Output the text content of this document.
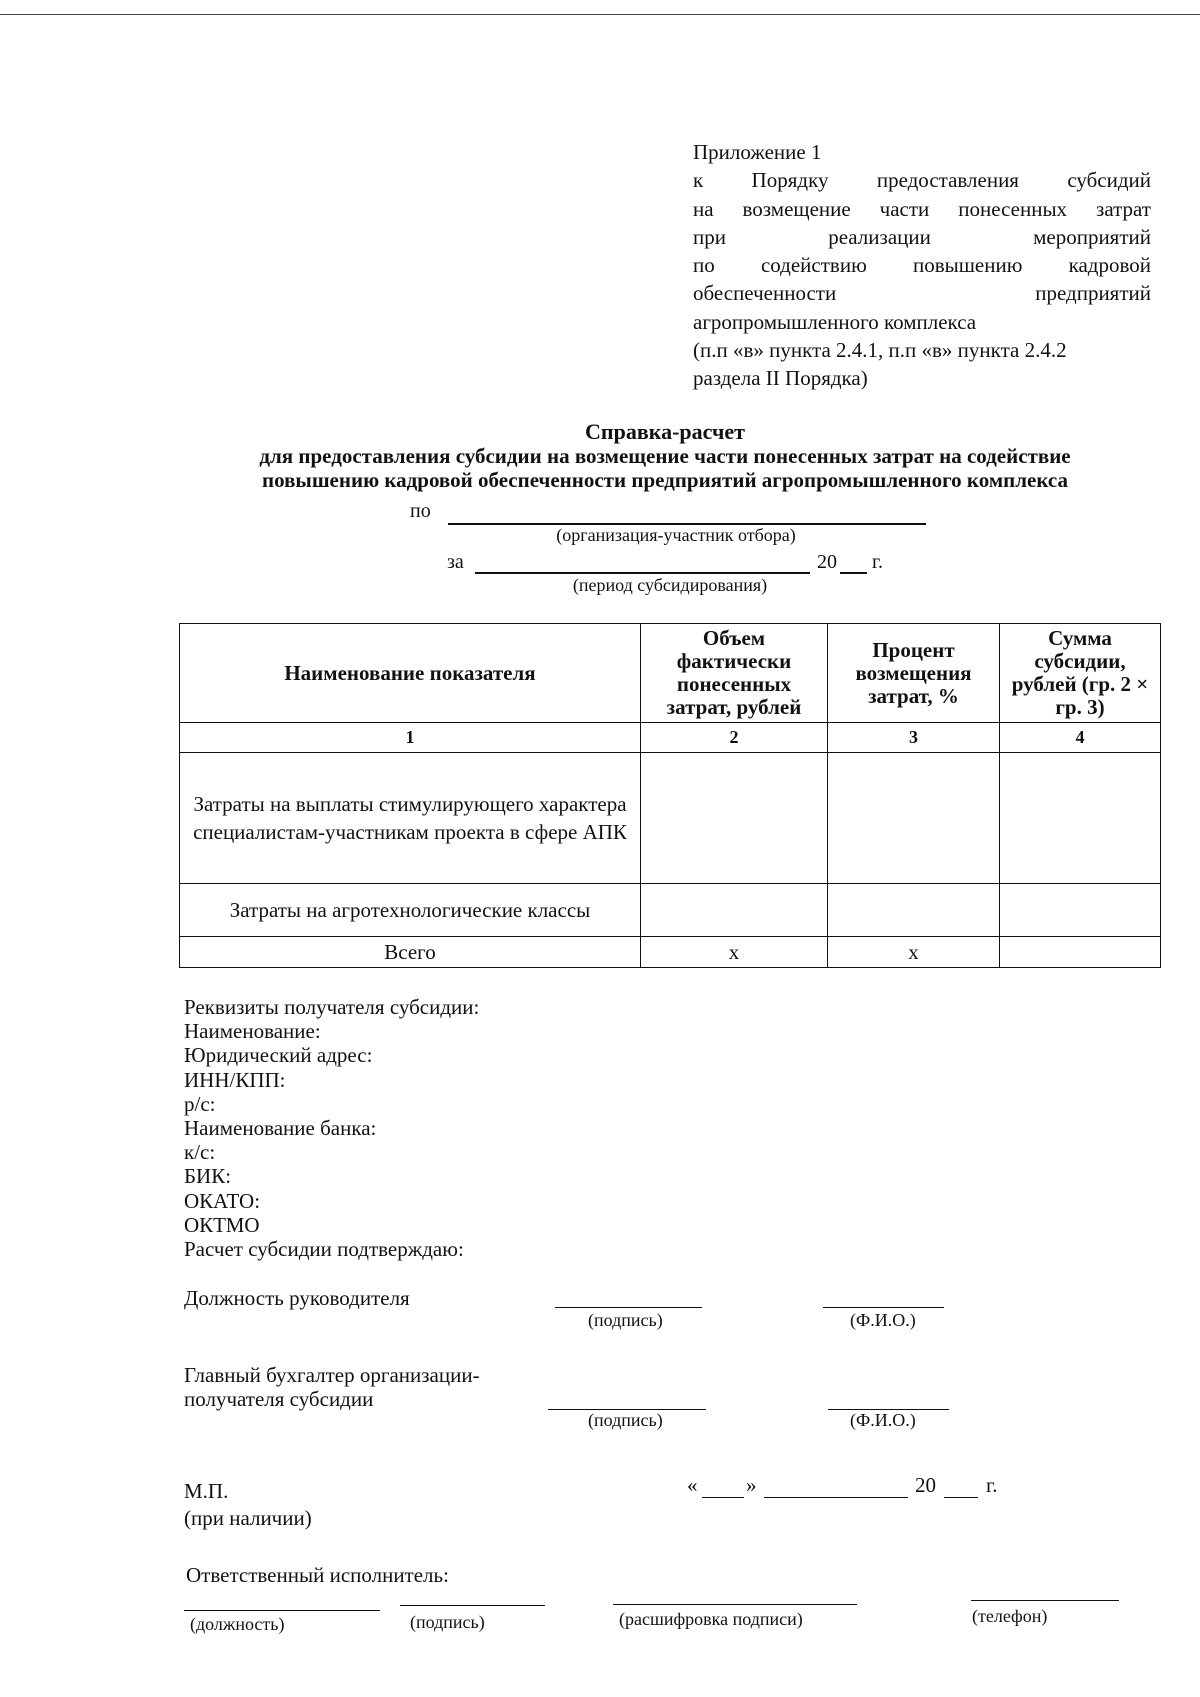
Приложение 1
к Порядку предоставления субсидий
на возмещение части понесенных затрат
при реализации мероприятий
по содействию повышению кадровой
обеспеченности предприятий
агропромышленного комплекса
(п.п «в» пункта 2.4.1, п.п «в» пункта 2.4.2
раздела II Порядка)
Справка-расчет
для предоставления субсидии на возмещение части понесенных затрат на содействие
повышению кадровой обеспеченности предприятий агропромышленного комплекса
по
(организация-участник отбора)
за	20 г.
(период субсидирования)
Наименование показателя	Объем фактически понесенных затрат, рублей	Процент возмещения затрат, %	Сумма субсидии, рублей (гр. 2 × гр. 3)
1	2	3	4
Затраты на выплаты стимулирующего характера специалистам-участникам проекта в сфере АПК			
Затраты на агротехнологические классы			
Всего	х	х	
Реквизиты получателя субсидии:
Наименование:
Юридический адрес:
ИНН/КПП:
р/с:
Наименование банка:
к/с:
БИК:
ОКАТО:
ОКТМО
Расчет субсидии подтверждаю:
Должность руководителя
(подпись)	(Ф.И.О.)
Главный бухгалтер организации-
получателя субсидии
(подпись)	(Ф.И.О.)
М.П.
(при наличии)
« »	20 г.
Ответственный исполнитель:
(должность)	(подпись)	(расшифровка подписи)	(телефон)
